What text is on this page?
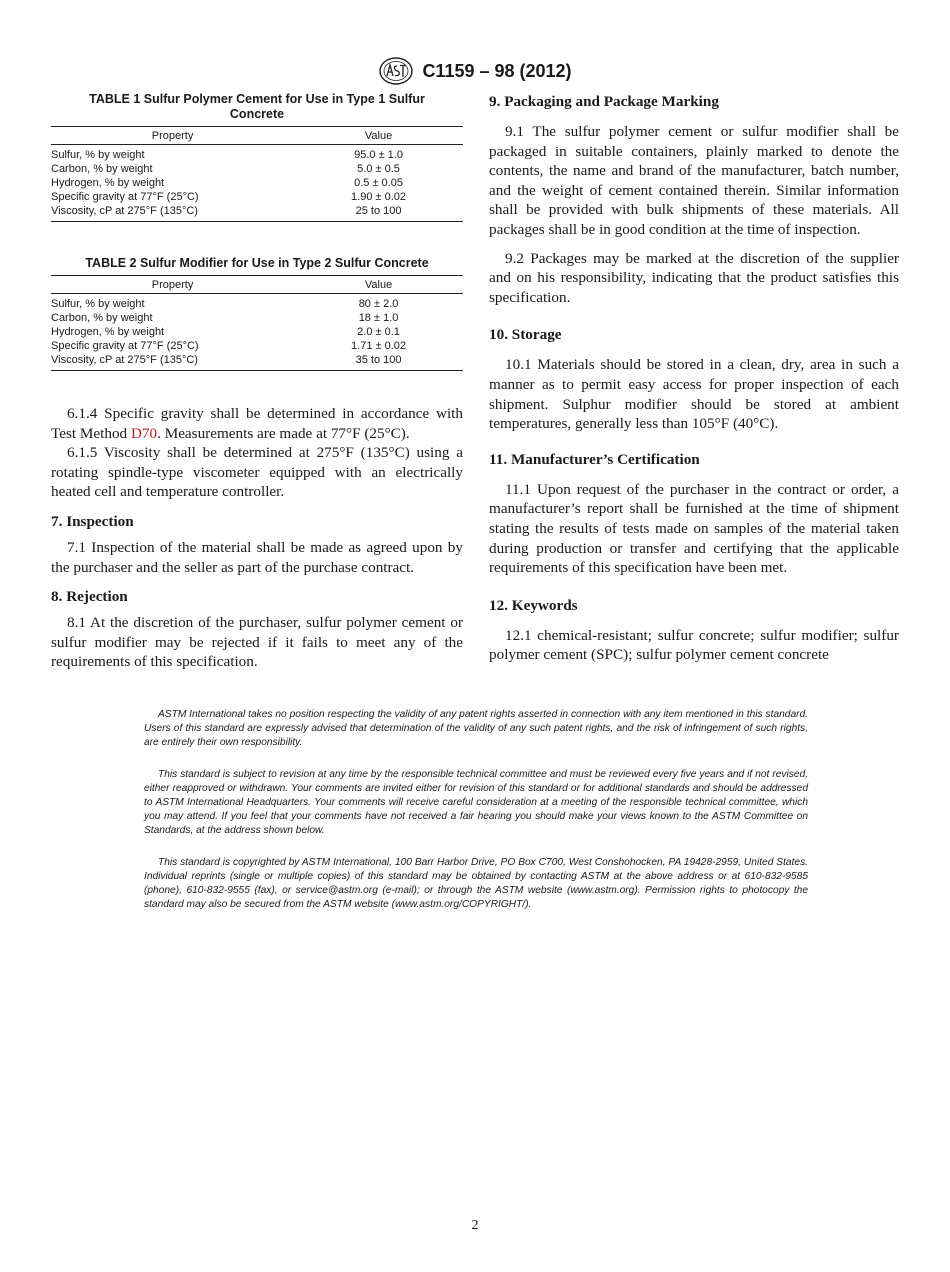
C1159 – 98 (2012)
TABLE 1 Sulfur Polymer Cement for Use in Type 1 Sulfur Concrete
Property	Value
Sulfur, % by weight	95.0 ± 1.0
Carbon, % by weight	5.0 ± 0.5
Hydrogen, % by weight	0.5 ± 0.05
Specific gravity at 77°F (25°C)	1.90 ± 0.02
Viscosity, cP at 275°F (135°C)	25 to 100
TABLE 2 Sulfur Modifier for Use in Type 2 Sulfur Concrete
Property	Value
Sulfur, % by weight	80 ± 2.0
Carbon, % by weight	18 ± 1.0
Hydrogen, % by weight	2.0 ± 0.1
Specific gravity at 77°F (25°C)	1.71 ± 0.02
Viscosity, cP at 275°F (135°C)	35 to 100

6.1.4 Specific gravity shall be determined in accordance with Test Method D70. Measurements are made at 77°F (25°C).

6.1.5 Viscosity shall be determined at 275°F (135°C) using a rotating spindle-type viscometer equipped with an electrically heated cell and temperature controller.

7. Inspection

7.1 Inspection of the material shall be made as agreed upon by the purchaser and the seller as part of the purchase contract.

8. Rejection

8.1 At the discretion of the purchaser, sulfur polymer cement or sulfur modifier may be rejected if it fails to meet any of the requirements of this specification.

9. Packaging and Package Marking

9.1 The sulfur polymer cement or sulfur modifier shall be packaged in suitable containers, plainly marked to denote the contents, the name and brand of the manufacturer, batch number, and the weight of cement contained therein. Similar information shall be provided with bulk shipments of these materials. All packages shall be in good condition at the time of inspection.

9.2 Packages may be marked at the discretion of the supplier and on his responsibility, indicating that the product satisfies this specification.

10. Storage

10.1 Materials should be stored in a clean, dry, area in such a manner as to permit easy access for proper inspection of each shipment. Sulphur modifier should be stored at ambient temperatures, generally less than 105°F (40°C).

11. Manufacturer’s Certification

11.1 Upon request of the purchaser in the contract or order, a manufacturer’s report shall be furnished at the time of shipment stating the results of tests made on samples of the material taken during production or transfer and certifying that the applicable requirements of this specification have been met.

12. Keywords

12.1 chemical-resistant; sulfur concrete; sulfur modifier; sulfur polymer cement (SPC); sulfur polymer cement concrete

ASTM International takes no position respecting the validity of any patent rights asserted in connection with any item mentioned in this standard. Users of this standard are expressly advised that determination of the validity of any such patent rights, and the risk of infringement of such rights, are entirely their own responsibility.

This standard is subject to revision at any time by the responsible technical committee and must be reviewed every five years and if not revised, either reapproved or withdrawn. Your comments are invited either for revision of this standard or for additional standards and should be addressed to ASTM International Headquarters. Your comments will receive careful consideration at a meeting of the responsible technical committee, which you may attend. If you feel that your comments have not received a fair hearing you should make your views known to the ASTM Committee on Standards, at the address shown below.

This standard is copyrighted by ASTM International, 100 Barr Harbor Drive, PO Box C700, West Conshohocken, PA 19428-2959, United States. Individual reprints (single or multiple copies) of this standard may be obtained by contacting ASTM at the above address or at 610-832-9585 (phone), 610-832-9555 (fax), or service@astm.org (e-mail); or through the ASTM website (www.astm.org). Permission rights to photocopy the standard may also be secured from the ASTM website (www.astm.org/COPYRIGHT/).

2
